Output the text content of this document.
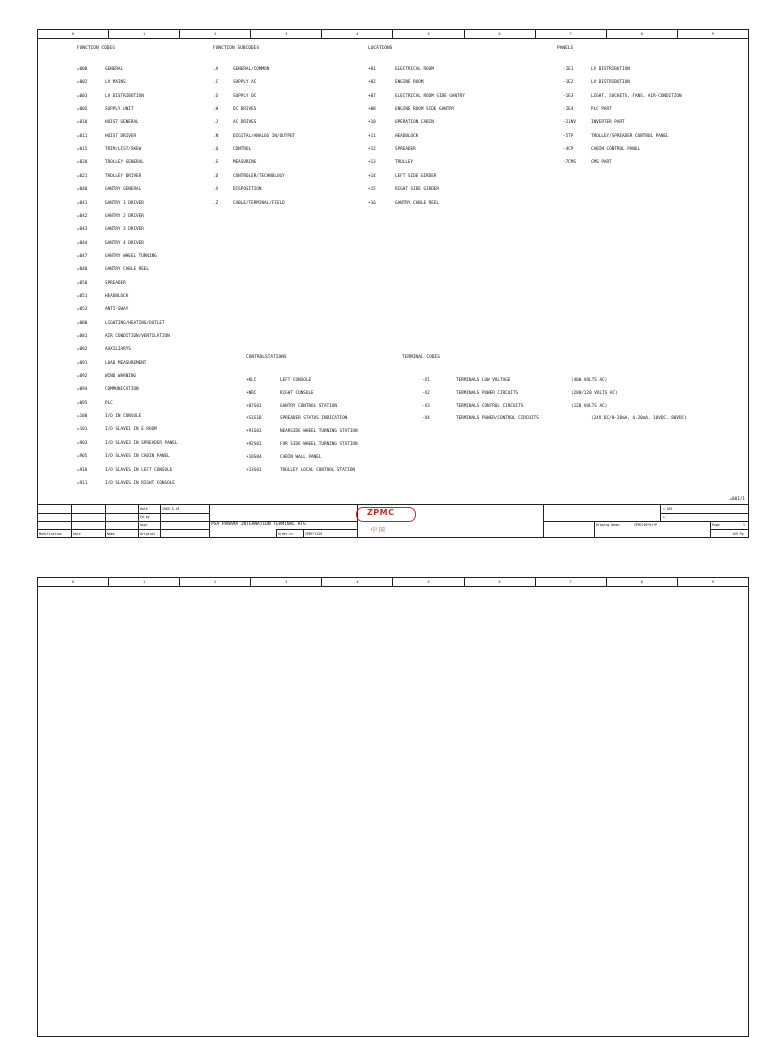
0	1	2	3	4	5	6	7	8	9
FUNCTION CODES	FUNCTION SUBCODES	LOCATIONS	PANELS
CONTROLSTATIONS	TERMINAL CODES
=000	GENERAL
=002	LV MAINS
=003	LV DISTRIBUTION
=005	SUPPLY UNIT
=010	HOIST GENERAL
=011	HOIST DRIVER
=015	TRIM/LIST/SKEW
=020	TROLLEY GENERAL
=021	TROLLEY DRIVER
=040	GANTRY GENERAL
=041	GANTRY 1 DRIVER
=042	GANTRY 2 DRIVER
=043	GANTRY 3 DRIVER
=044	GANTRY 4 DRIVER
=047	GANTRY WHEEL TURNING
=048	GANTRY CABLE REEL
=050	SPREADER
=051	HEADBLOCK
=052	ANTI-SWAY
=080	LIGHTING/HEATING/OUTLET
=081	AIR CONDITION/VENTILATION
=082	AUXILIARYS
=091	LOAD MEASUREMENT
=092	WIND WARNING
=094	COMMUNICATION
=095	PLC
=100	I/O IN CONSOLE
=101	I/O SLAVE1 IN E-ROOM
=903	I/O SLAVE3 IN SPREADER PANEL
=905	I/O SLAVES IN CABIN PANEL
=910	I/O SLAVES IN LEFT CONSOLE
=911	I/O SLAVES IN RIGHT CONSOLE
.A	GENERAL/COMMON
.C	SUPPLY AC
.G	SUPPLY DC
.H	DC DRIVES
.J	AC DRIVES
.N	DIGITAL/ANALOG IN/OUTPUT
.Q	CONTROL
.S	MEASURING
.U	CONTROLER/TECHNOLOGY
.X	DISPOSITION
.Z	CABLE/TERMINAL/FIELD
+01	ELECTRICAL ROOM
+02	ENGINE ROOM
+07	ELECTRICAL ROOM SIDE GANTRY
+08	ENGINE ROOM SIDE GANTRY
+10	OPERATION CABIN
+11	HEADBLOCK
+12	SPREADER
+13	TROLLEY
+14	LEFT SIDE GIRDER
+15	RIGHT SIDE GIRDER
+16	GANTRY CABLE REEL
-1E1	LV DISTRIBUTION
-1E2	LV DISTRIBUTION
-1E3	LIGHT, SOCKETS, FANS, AIR-CONDITION
-1E4	PLC PART
-21NV	INVERTER PART
-5TP	TROLLEY/SPREADER CONTROL PANEL
-4CP	CABIN CONTROL PANEL
-7CMS	CMS PART
+KLC	LEFT CONSOLE
+NRC	RIGHT CONSOLE
+07S01	GANTRY CONTROL STATION
+S1S1B	SPREADER STATUS INDICATION
+91S01	NEARSIDE WHEEL TURNING STATION
+92S01	FAR SIDE WHEEL TURNING STATION
+10S04	CABIN WALL PANEL
+13S01	TROLLEY LOCAL CONTROL STATION
-X1	TERMINALS LOW VOLTAGE	(400 VOLTS AC)
-X2	TERMINALS POWER CIRCUITS	(200/120 VOLTS AC)
-X3	TERMINALS CONTROL CIRCUITS	(120 VOLTS AC)
-X4	TERMINALS POWER/CONTROL CIRCUITS	(24V DC/0-20mA, 4-20mA, 10VDC, 80VDC)
=001/1
Date	2009-8-18
Ed.by
Appr
Original
Modification	Date	Name
PSA PANAMA INTERNATION TERMINAL RTG
Order.nr	ZPMC*1226
ZPMC
中 国
= 001
+
Drawing Name:	ZPMC109*01*P	Page	1
109 Pg
0	1	2	3	4	5	6	7	8	9
